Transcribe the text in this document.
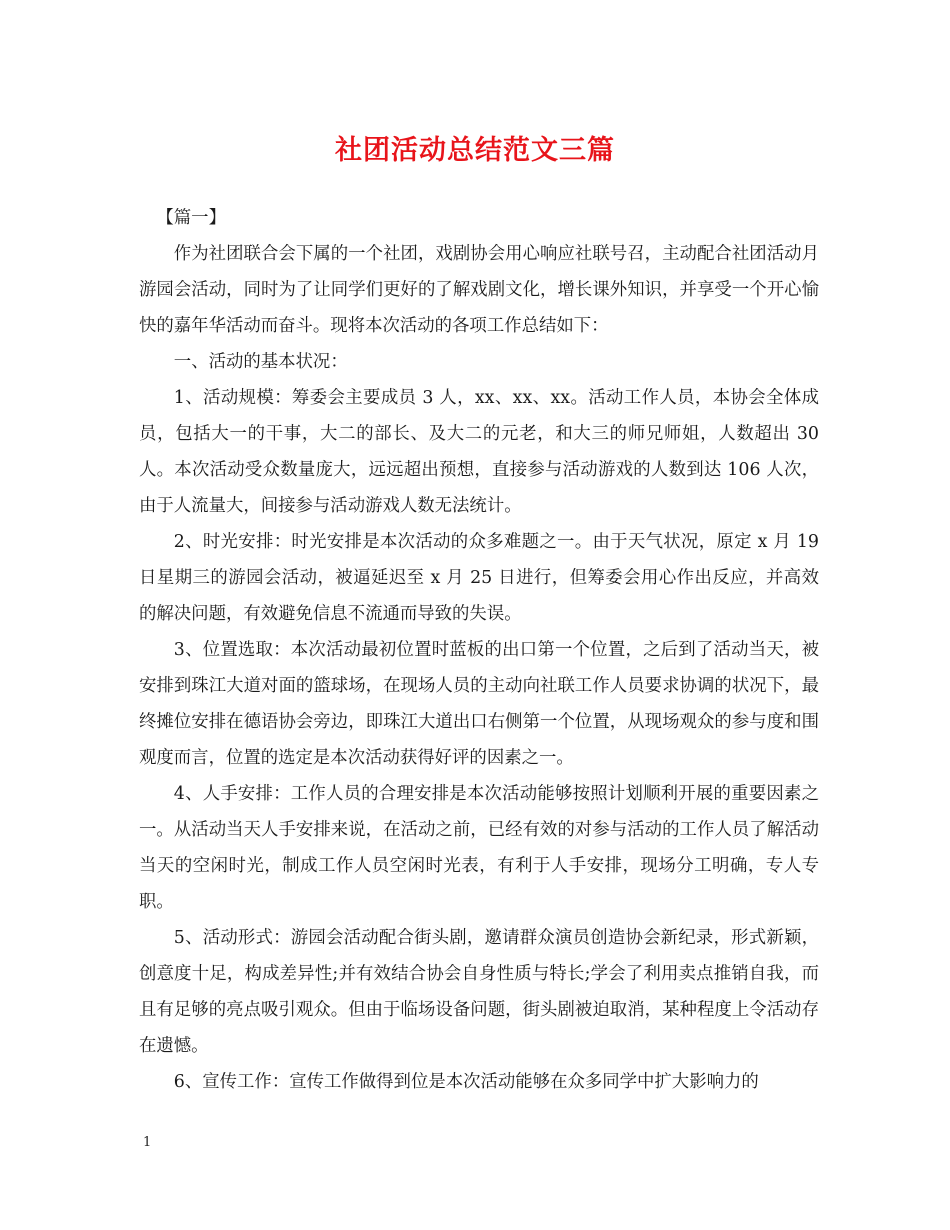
社团活动总结范文三篇

【篇一】

作为社团联合会下属的一个社团，戏剧协会用心响应社联号召，主动配合社团活动月游园会活动，同时为了让同学们更好的了解戏剧文化，增长课外知识，并享受一个开心愉快的嘉年华活动而奋斗。现将本次活动的各项工作总结如下：

一、活动的基本状况：

1、活动规模：筹委会主要成员 3 人，xx、xx、xx。活动工作人员，本协会全体成员，包括大一的干事，大二的部长、及大二的元老，和大三的师兄师姐，人数超出 30 人。本次活动受众数量庞大，远远超出预想，直接参与活动游戏的人数到达 106 人次，由于人流量大，间接参与活动游戏人数无法统计。

2、时光安排：时光安排是本次活动的众多难题之一。由于天气状况，原定 x 月 19 日星期三的游园会活动，被逼延迟至 x 月 25 日进行，但筹委会用心作出反应，并高效的解决问题，有效避免信息不流通而导致的失误。

3、位置选取：本次活动最初位置时蓝板的出口第一个位置，之后到了活动当天，被安排到珠江大道对面的篮球场，在现场人员的主动向社联工作人员要求协调的状况下，最终摊位安排在德语协会旁边，即珠江大道出口右侧第一个位置，从现场观众的参与度和围观度而言，位置的选定是本次活动获得好评的因素之一。

4、人手安排：工作人员的合理安排是本次活动能够按照计划顺利开展的重要因素之一。从活动当天人手安排来说，在活动之前，已经有效的对参与活动的工作人员了解活动当天的空闲时光，制成工作人员空闲时光表，有利于人手安排，现场分工明确，专人专职。

5、活动形式：游园会活动配合街头剧，邀请群众演员创造协会新纪录，形式新颖，创意度十足，构成差异性;并有效结合协会自身性质与特长;学会了利用卖点推销自我，而且有足够的亮点吸引观众。但由于临场设备问题，街头剧被迫取消，某种程度上令活动存在遗憾。

6、宣传工作：宣传工作做得到位是本次活动能够在众多同学中扩大影响力的

1
